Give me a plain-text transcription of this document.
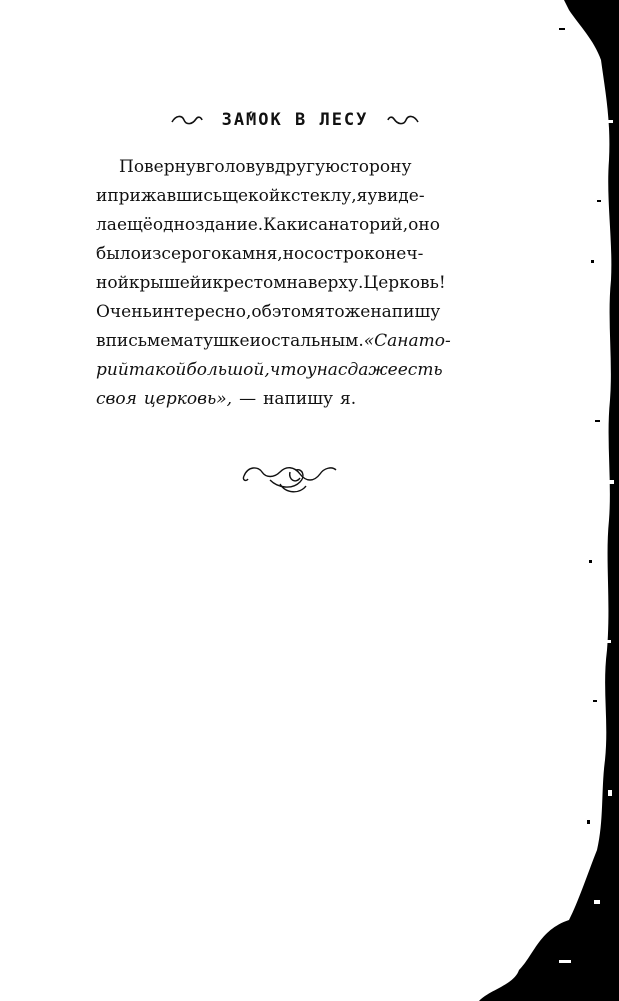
ЗА́МОК В ЛЕСУ
Повернув голову в другую сторону
и прижавшись щекой к стеклу, я увиде-
ла ещё одно здание. Как и санаторий, оно
было из серого камня, но с остроконеч-
ной крышей и крестом наверху. Церковь!
Очень интересно, об этом я тоже напишу
в письме матушке и остальным. «Санато-
рий такой большой, что у нас даже есть
своя церковь», — напишу я.
